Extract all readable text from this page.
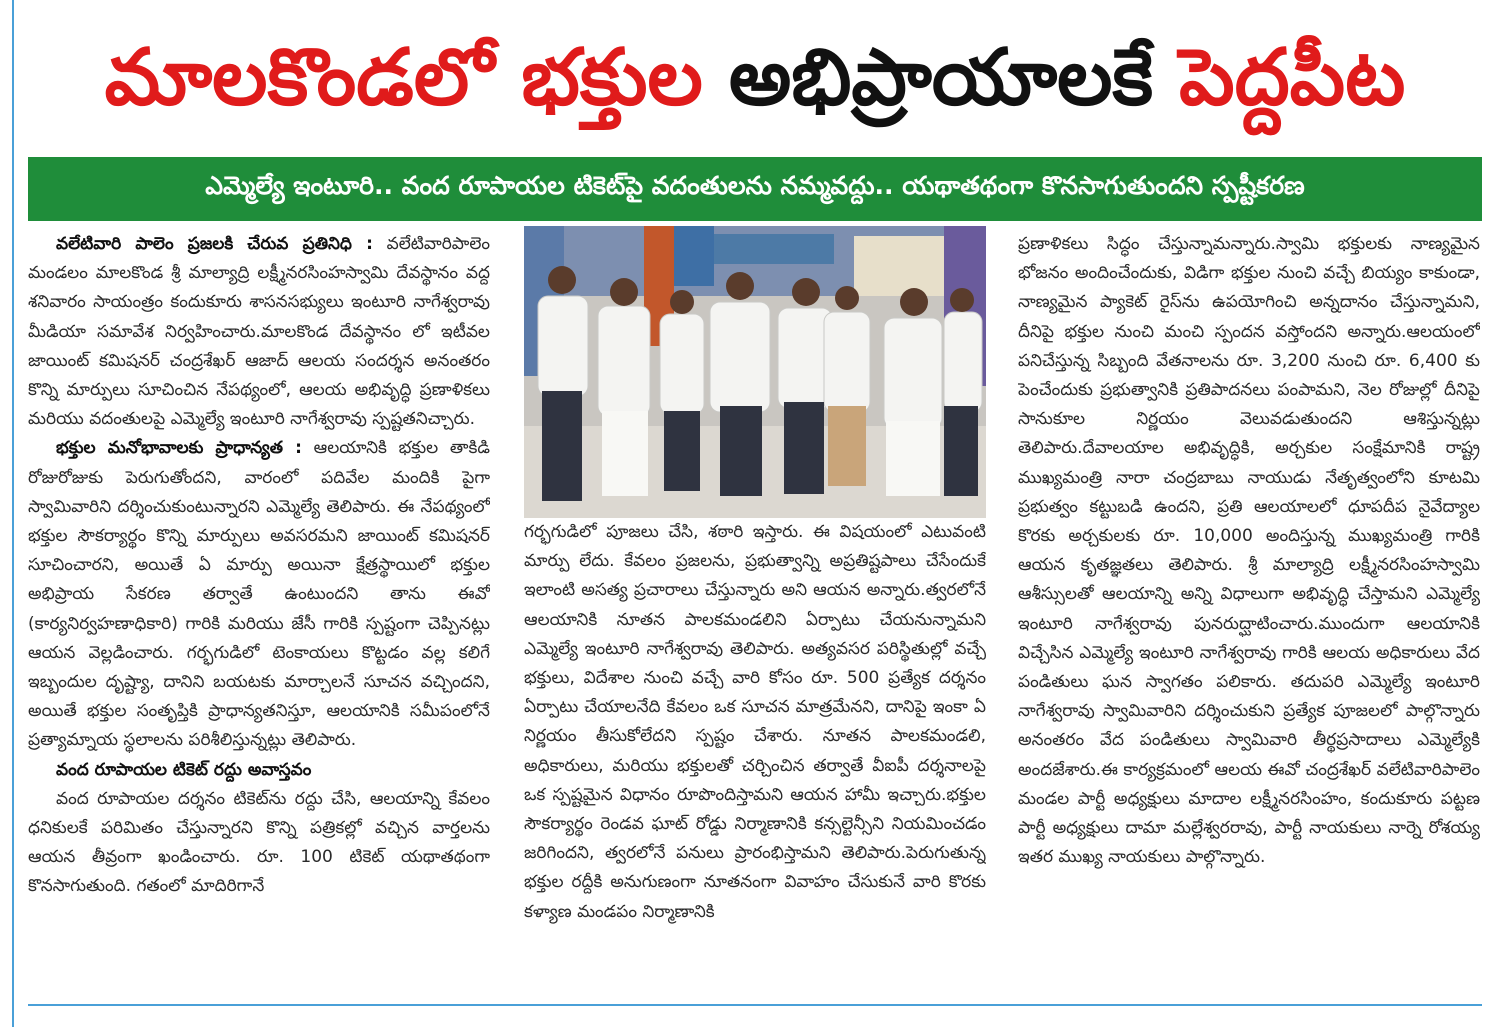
మాలకొండలో భక్తుల అభిప్రాయాలకే పెద్దపీట
ఎమ్మెల్యే ఇంటూరి.. వంద రూపాయల టికెట్‌పై వదంతులను నమ్మవద్దు.. యథాతథంగా కొనసాగుతుందని స్పష్టీకరణ

వలేటివారి పాలెం ప్రజలకి చేరువ ప్రతినిధి : వలేటివారిపాలెం మండలం మాలకొండ శ్రీ మాల్యాద్రి లక్ష్మీనరసింహస్వామి దేవస్థానం వద్ద శనివారం సాయంత్రం కందుకూరు శాసనసభ్యులు ఇంటూరి నాగేశ్వరావు మీడియా సమావేశ నిర్వహించారు.మాలకొండ దేవస్థానం లో ఇటీవల జాయింట్ కమిషనర్ చంద్రశేఖర్ ఆజాద్ ఆలయ సందర్శన అనంతరం కొన్ని మార్పులు సూచించిన నేపథ్యంలో, ఆలయ అభివృద్ధి ప్రణాళికలు మరియు వదంతులపై ఎమ్మెల్యే ఇంటూరి నాగేశ్వరావు స్పష్టతనిచ్చారు.

భక్తుల మనోభావాలకు ప్రాధాన్యత : ఆలయానికి భక్తుల తాకిడి రోజురోజుకు పెరుగుతోందని, వారంలో పదివేల మందికి పైగా స్వామివారిని దర్శించుకుంటున్నారని ఎమ్మెల్యే తెలిపారు. ఈ నేపథ్యంలో భక్తుల సౌకర్యార్థం కొన్ని మార్పులు అవసరమని జాయింట్ కమిషనర్ సూచించారని, అయితే ఏ మార్పు అయినా క్షేత్రస్థాయిలో భక్తుల అభిప్రాయ సేకరణ తర్వాతే ఉంటుందని తాను ఈవో (కార్యనిర్వహణాధికారి) గారికి మరియు జేసీ గారికి స్పష్టంగా చెప్పినట్లు ఆయన వెల్లడించారు. గర్భగుడిలో టెంకాయలు కొట్టడం వల్ల కలిగే ఇబ్బందుల దృష్ట్యా, దానిని బయటకు మార్చాలనే సూచన వచ్చిందని, అయితే భక్తుల సంతృప్తికి ప్రాధాన్యతనిస్తూ, ఆలయానికి సమీపంలోనే ప్రత్యామ్నాయ స్థలాలను పరిశీలిస్తున్నట్లు తెలిపారు.

వంద రూపాయల టికెట్ రద్దు అవాస్తవం

వంద రూపాయల దర్శనం టికెట్‌ను రద్దు చేసి, ఆలయాన్ని కేవలం ధనికులకే పరిమితం చేస్తున్నారని కొన్ని పత్రికల్లో వచ్చిన వార్తలను ఆయన తీవ్రంగా ఖండించారు. రూ. 100 టికెట్ యథాతథంగా కొనసాగుతుంది. గతంలో మాదిరిగానే

గర్భగుడిలో పూజలు చేసి, శఠారి ఇస్తారు. ఈ విషయంలో ఎటువంటి మార్పు లేదు. కేవలం ప్రజలను, ప్రభుత్వాన్ని అప్రతిష్టపాలు చేసేందుకే ఇలాంటి అసత్య ప్రచారాలు చేస్తున్నారు అని ఆయన అన్నారు.త్వరలోనే ఆలయానికి నూతన పాలకమండలిని ఏర్పాటు చేయనున్నామని ఎమ్మెల్యే ఇంటూరి నాగేశ్వరావు తెలిపారు. అత్యవసర పరిస్థితుల్లో వచ్చే భక్తులు, విదేశాల నుంచి వచ్చే వారి కోసం రూ. 500 ప్రత్యేక దర్శనం ఏర్పాటు చేయాలనేది కేవలం ఒక సూచన మాత్రమేనని, దానిపై ఇంకా ఏ నిర్ణయం తీసుకోలేదని స్పష్టం చేశారు. నూతన పాలకమండలి, అధికారులు, మరియు భక్తులతో చర్చించిన తర్వాతే వీఐపీ దర్శనాలపై ఒక స్పష్టమైన విధానం రూపొందిస్తామని ఆయన హామీ ఇచ్చారు.భక్తుల సౌకర్యార్థం రెండవ ఘాట్ రోడ్డు నిర్మాణానికి కన్సల్టెన్సీని నియమించడం జరిగిందని, త్వరలోనే పనులు ప్రారంభిస్తామని తెలిపారు.పెరుగుతున్న భక్తుల రద్దీకి అనుగుణంగా నూతనంగా వివాహం చేసుకునే వారి కొరకు కళ్యాణ మండపం నిర్మాణానికి

ప్రణాళికలు సిద్ధం చేస్తున్నామన్నారు.స్వామి భక్తులకు నాణ్యమైన భోజనం అందించేందుకు, విడిగా భక్తుల నుంచి వచ్చే బియ్యం కాకుండా, నాణ్యమైన ప్యాకెట్ రైస్‌ను ఉపయోగించి అన్నదానం చేస్తున్నామని, దీనిపై భక్తుల నుంచి మంచి స్పందన వస్తోందని అన్నారు.ఆలయంలో పనిచేస్తున్న సిబ్బంది వేతనాలను రూ. 3,200 నుంచి రూ. 6,400 కు పెంచేందుకు ప్రభుత్వానికి ప్రతిపాదనలు పంపామని, నెల రోజుల్లో దీనిపై సానుకూల నిర్ణయం వెలువడుతుందని ఆశిస్తున్నట్లు తెలిపారు.దేవాలయాల అభివృద్ధికి, అర్చకుల సంక్షేమానికి రాష్ట్ర ముఖ్యమంత్రి నారా చంద్రబాబు నాయుడు నేతృత్వంలోని కూటమి ప్రభుత్వం కట్టుబడి ఉందని, ప్రతి ఆలయాలలో ధూపదీప నైవేద్యాల కొరకు అర్చకులకు రూ. 10,000 అందిస్తున్న ముఖ్యమంత్రి గారికి ఆయన కృతజ్ఞతలు తెలిపారు. శ్రీ మాల్యాద్రి లక్ష్మీనరసింహస్వామి ఆశీస్సులతో ఆలయాన్ని అన్ని విధాలుగా అభివృద్ధి చేస్తామని ఎమ్మెల్యే ఇంటూరి నాగేశ్వరావు పునరుద్ఘాటించారు.ముందుగా ఆలయానికి విచ్చేసిన ఎమ్మెల్యే ఇంటూరి నాగేశ్వరావు గారికి ఆలయ అధికారులు వేద పండితులు ఘన స్వాగతం పలికారు. తదుపరి ఎమ్మెల్యే ఇంటూరి నాగేశ్వరావు స్వామివారిని దర్శించుకుని ప్రత్యేక పూజలలో పాల్గొన్నారు అనంతరం వేద పండితులు స్వామివారి తీర్థప్రసాదాలు ఎమ్మెల్యేకి అందజేశారు.ఈ కార్యక్రమంలో ఆలయ ఈవో చంద్రశేఖర్ వలేటివారిపాలెం మండల పార్టీ అధ్యక్షులు మాదాల లక్ష్మీనరసింహం, కందుకూరు పట్టణ పార్టీ అధ్యక్షులు దామా మల్లేశ్వరరావు, పార్టీ నాయకులు నార్నె రోశయ్య ఇతర ముఖ్య నాయకులు పాల్గొన్నారు.
